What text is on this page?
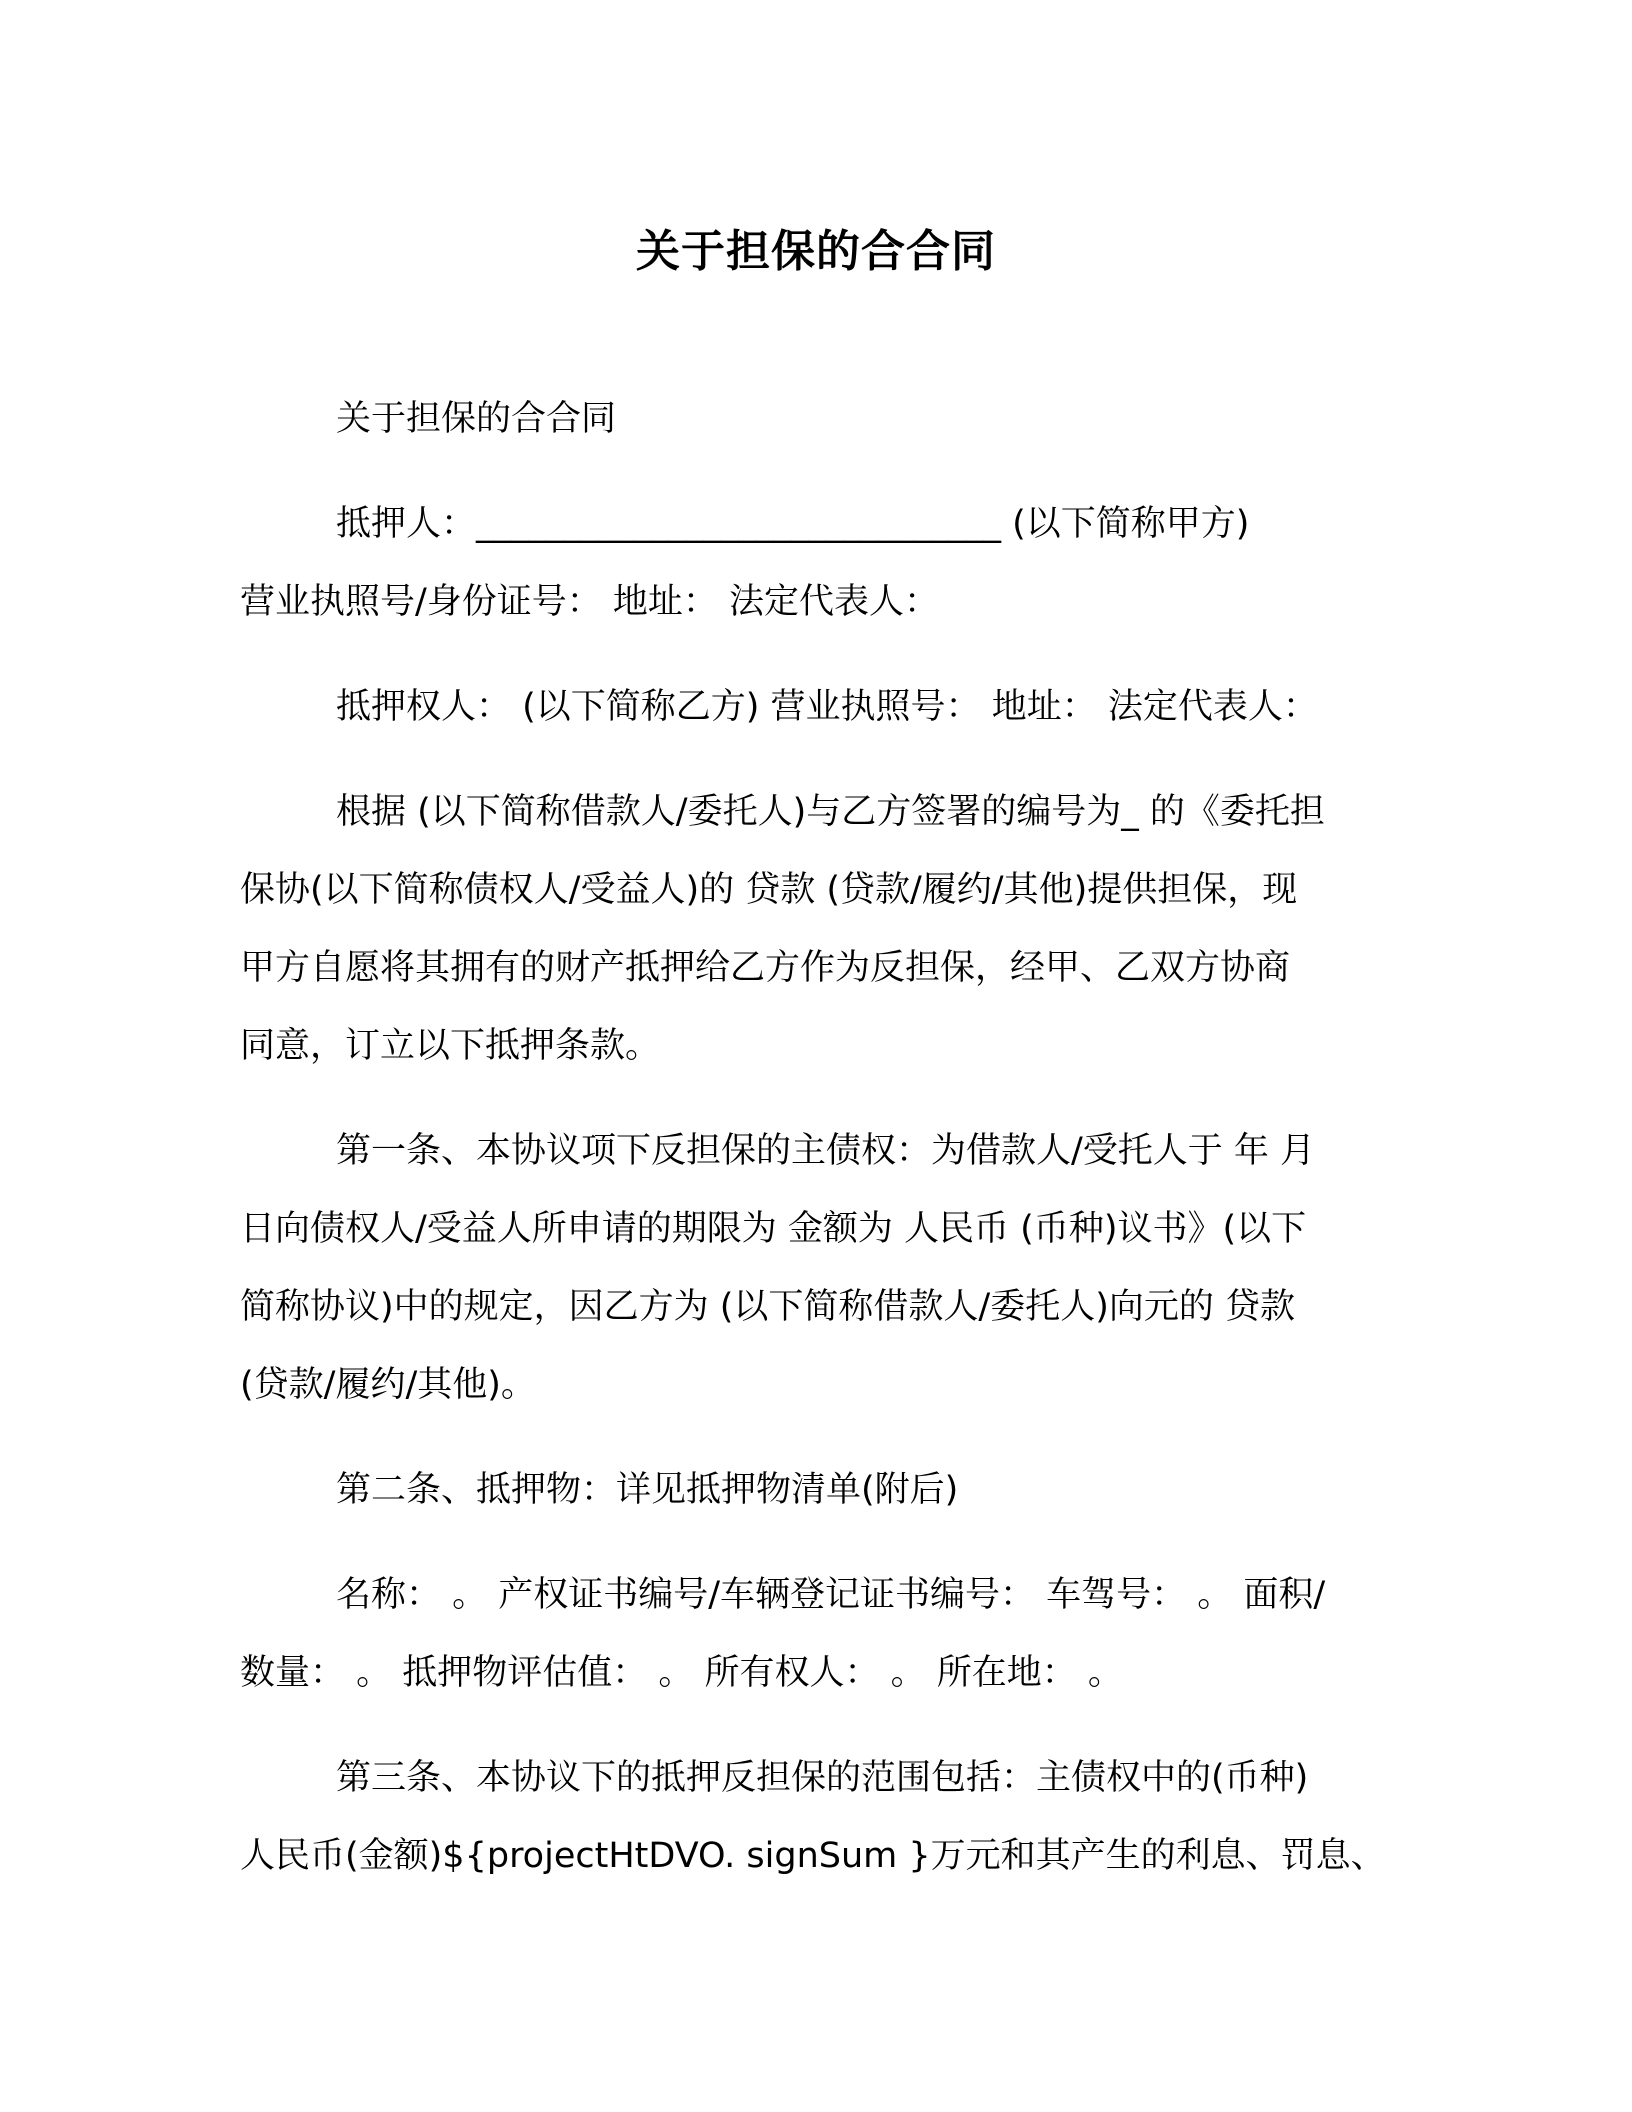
关于担保的合合同

关于担保的合合同

抵押人：______________________________ (以下简称甲方)
营业执照号/身份证号： 地址： 法定代表人：

抵押权人： (以下简称乙方) 营业执照号： 地址： 法定代表人：

根据 (以下简称借款人/委托人)与乙方签署的编号为_ 的《委托担
保协(以下简称债权人/受益人)的 贷款 (贷款/履约/其他)提供担保，现
甲方自愿将其拥有的财产抵押给乙方作为反担保，经甲、乙双方协商
同意，订立以下抵押条款。

第一条、本协议项下反担保的主债权：为借款人/受托人于 年 月
日向债权人/受益人所申请的期限为 金额为 人民币 (币种)议书》(以下
简称协议)中的规定，因乙方为 (以下简称借款人/委托人)向元的 贷款
(贷款/履约/其他)。

第二条、抵押物：详见抵押物清单(附后)

名称： 。 产权证书编号/车辆登记证书编号： 车驾号： 。 面积/
数量： 。 抵押物评估值： 。 所有权人： 。 所在地： 。

第三条、本协议下的抵押反担保的范围包括：主债权中的(币种)
人民币(金额)${projectHtDVO. signSum }万元和其产生的利息、罚息、
